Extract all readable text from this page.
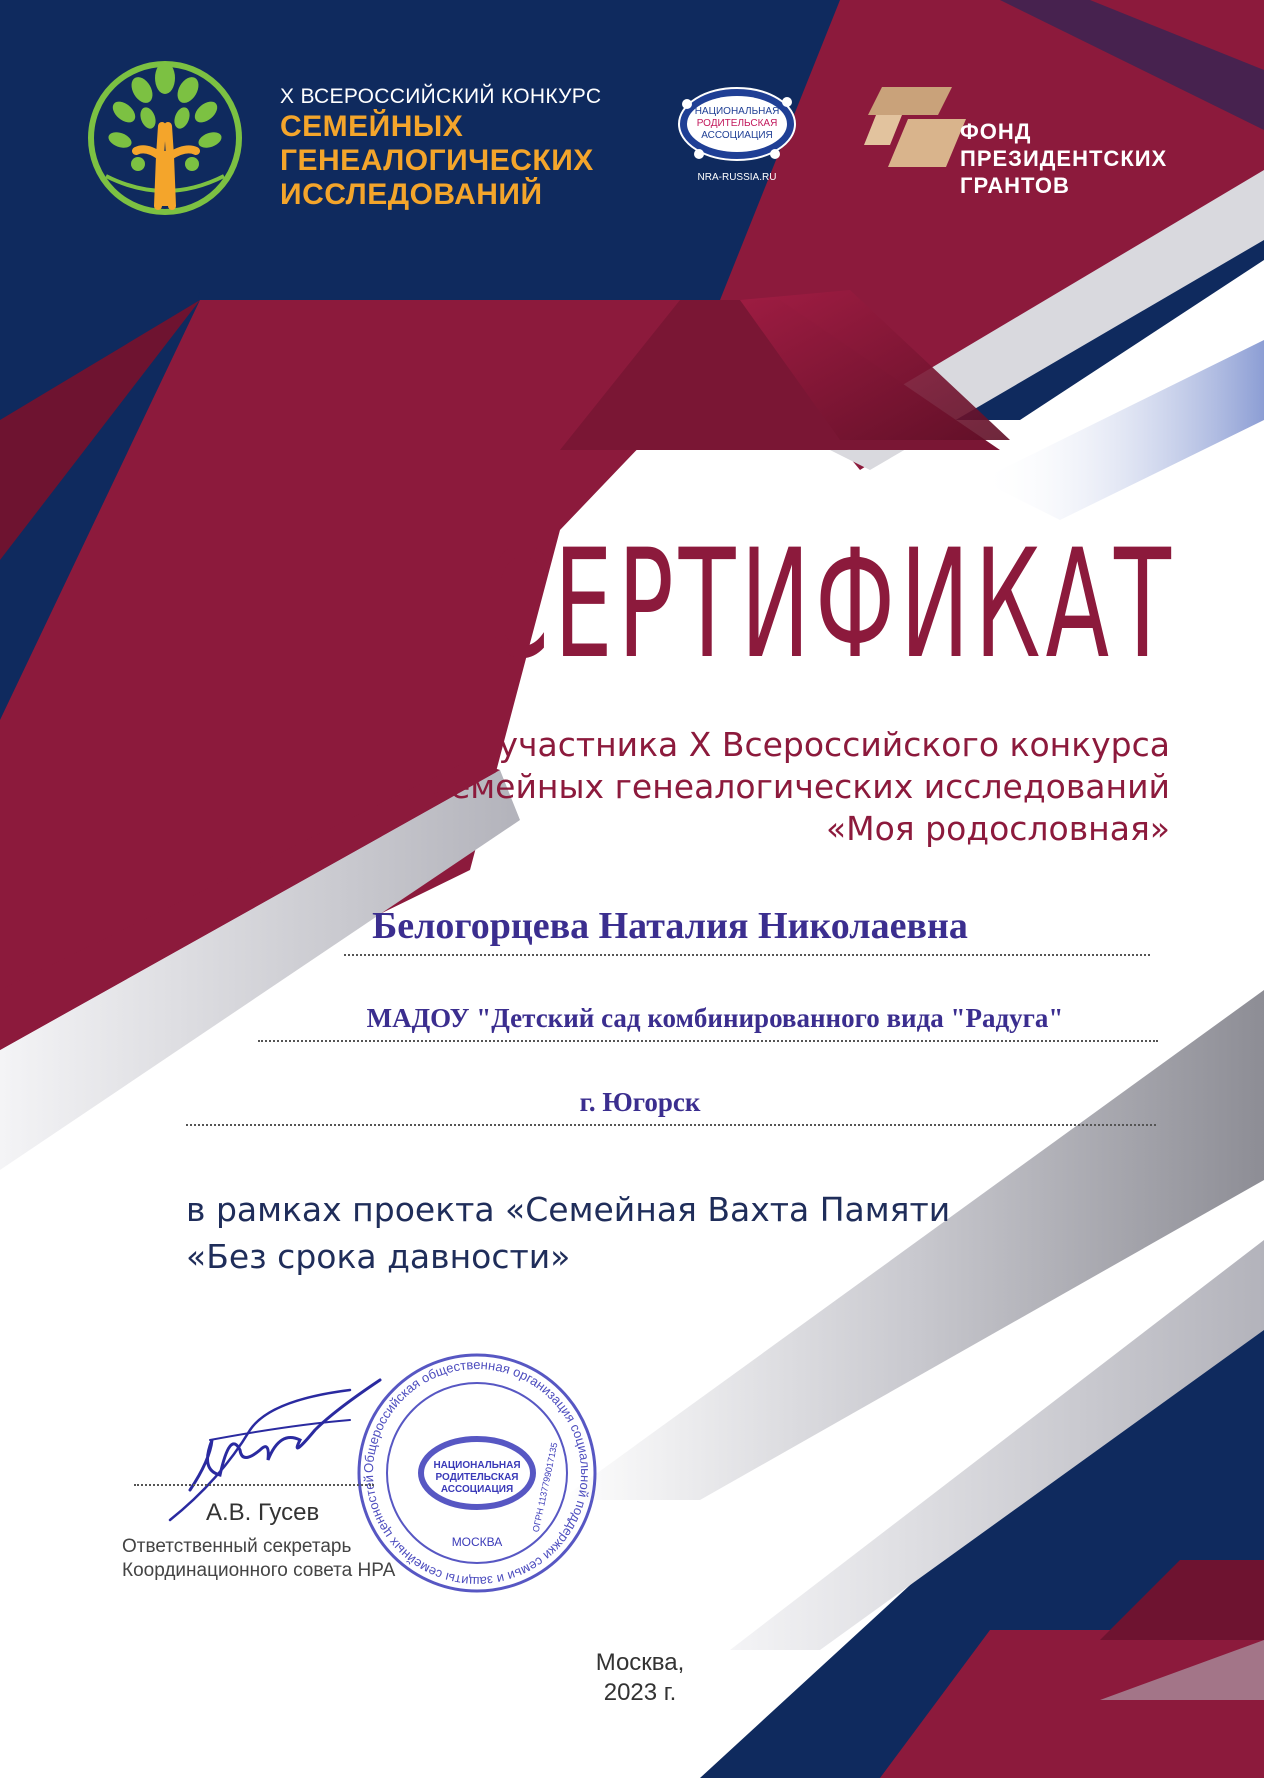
X ВСЕРОССИЙСКИЙ КОНКУРС
СЕМЕЙНЫХ
ГЕНЕАЛОГИЧЕСКИХ
ИССЛЕДОВАНИЙ
НАЦИОНАЛЬНАЯ
РОДИТЕЛЬСКАЯ
АССОЦИАЦИЯ
NRA-RUSSIA.RU
ФОНД
ПРЕЗИДЕНТСКИХ
ГРАНТОВ
СЕРТИФИКАТ
участника X Всероссийского конкурса
семейных генеалогических исследований
«Моя родословная»
Белогорцева Наталия Николаевна
МАДОУ "Детский сад комбинированного вида "Радуга"
г. Югорск
в рамках проекта «Семейная Вахта Памяти
«Без срока давности»
Общероссийская общественная организация социальной поддержки семьи и защиты семейных ценностей
НАЦИОНАЛЬНАЯ
РОДИТЕЛЬСКАЯ
АССОЦИАЦИЯ
МОСКВА
ОГРН 1137799017135
А.В. Гусев
Ответственный секретарь
Координационного совета НРА
Москва,
2023 г.
